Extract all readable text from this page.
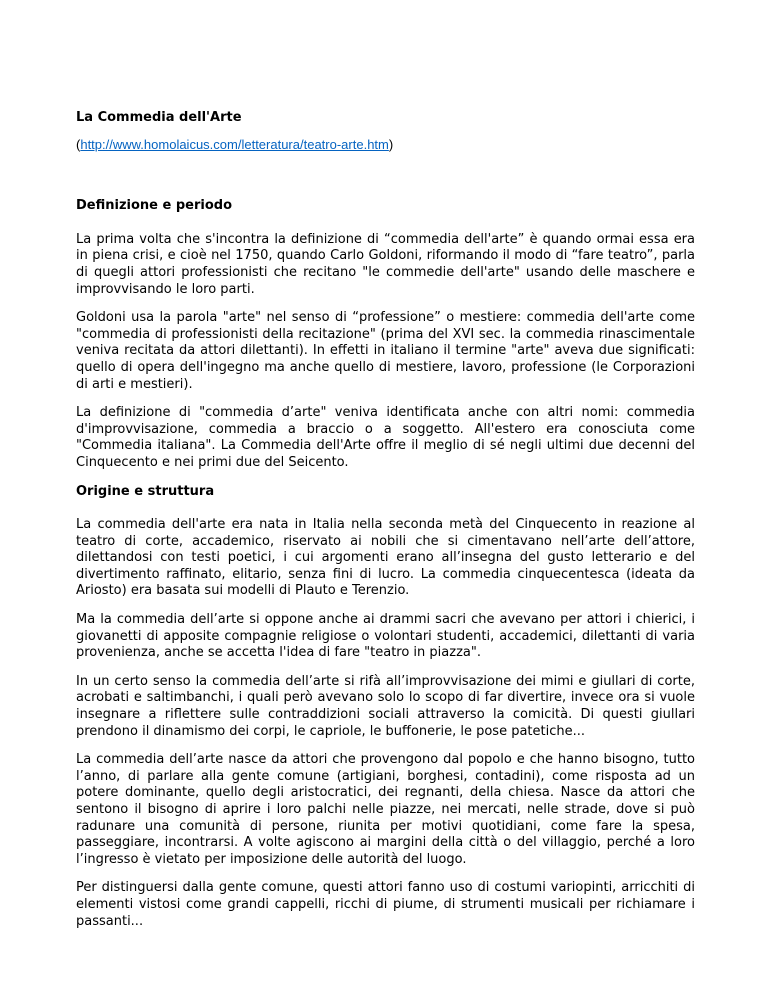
La Commedia dell'Arte
(http://www.homolaicus.com/letteratura/teatro-arte.htm)
Definizione e periodo

La prima volta che s'incontra la definizione di “commedia dell'arte” è quando ormai essa era in piena crisi, e cioè nel 1750, quando Carlo Goldoni, riformando il modo di “fare teatro”, parla di quegli attori professionisti che recitano "le commedie dell'arte" usando delle maschere e improvvisando le loro parti.

Goldoni usa la parola "arte" nel senso di “professione” o mestiere: commedia dell'arte come "commedia di professionisti della recitazione" (prima del XVI sec. la commedia rinascimentale veniva recitata da attori dilettanti). In effetti in italiano il termine "arte" aveva due significati: quello di opera dell'ingegno ma anche quello di mestiere, lavoro, professione (le Corporazioni di arti e mestieri).

La definizione di "commedia d’arte" veniva identificata anche con altri nomi: commedia d'improvvisazione, commedia a braccio o a soggetto. All'estero era conosciuta come "Commedia italiana". La Commedia dell'Arte offre il meglio di sé negli ultimi due decenni del Cinquecento e nei primi due del Seicento.

Origine e struttura

La commedia dell'arte era nata in Italia nella seconda metà del Cinquecento in reazione al teatro di corte, accademico, riservato ai nobili che si cimentavano nell’arte dell’attore, dilettandosi con testi poetici, i cui argomenti erano all’insegna del gusto letterario e del divertimento raffinato, elitario, senza fini di lucro. La commedia cinquecentesca (ideata da Ariosto) era basata sui modelli di Plauto e Terenzio.

Ma la commedia dell’arte si oppone anche ai drammi sacri che avevano per attori i chierici, i giovanetti di apposite compagnie religiose o volontari studenti, accademici, dilettanti di varia provenienza, anche se accetta l'idea di fare "teatro in piazza".

In un certo senso la commedia dell’arte si rifà all’improvvisazione dei mimi e giullari di corte, acrobati e saltimbanchi, i quali però avevano solo lo scopo di far divertire, invece ora si vuole insegnare a riflettere sulle contraddizioni sociali attraverso la comicità. Di questi giullari prendono il dinamismo dei corpi, le capriole, le buffonerie, le pose patetiche...

La commedia dell’arte nasce da attori che provengono dal popolo e che hanno bisogno, tutto l’anno, di parlare alla gente comune (artigiani, borghesi, contadini), come risposta ad un potere dominante, quello degli aristocratici, dei regnanti, della chiesa. Nasce da attori che sentono il bisogno di aprire i loro palchi nelle piazze, nei mercati, nelle strade, dove si può radunare una comunità di persone, riunita per motivi quotidiani, come fare la spesa, passeggiare, incontrarsi. A volte agiscono ai margini della città o del villaggio, perché a loro l’ingresso è vietato per imposizione delle autorità del luogo.

Per distinguersi dalla gente comune, questi attori fanno uso di costumi variopinti, arricchiti di elementi vistosi come grandi cappelli, ricchi di piume, di strumenti musicali per richiamare i passanti...
